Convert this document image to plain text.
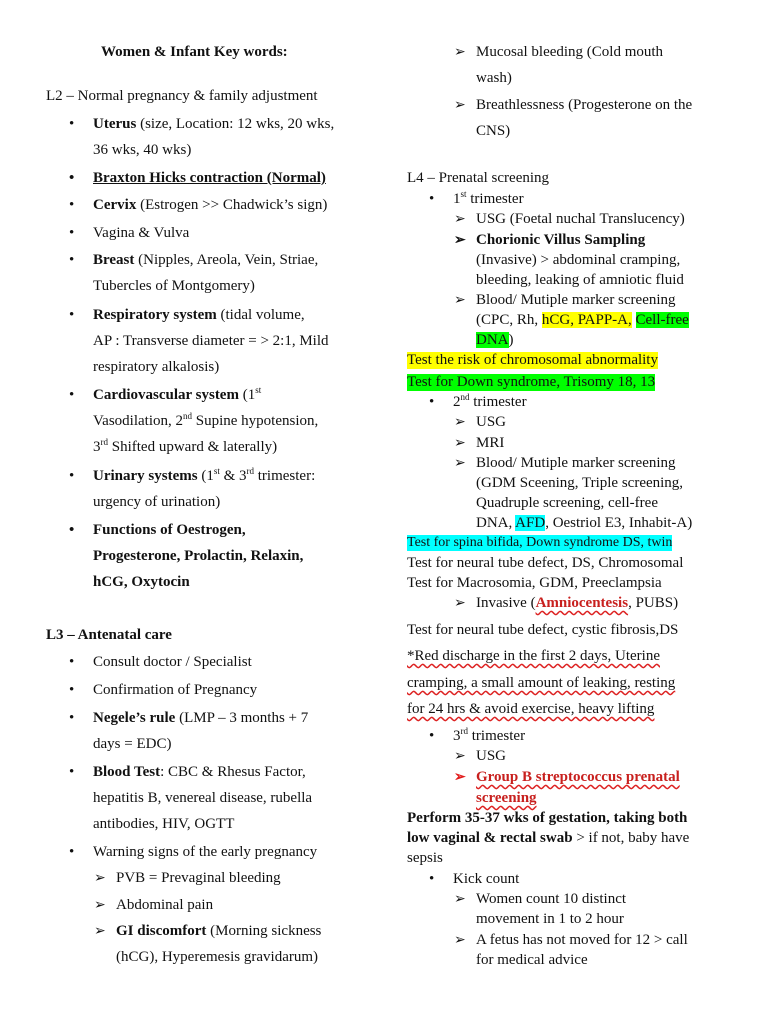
Women & Infant Key words:
L2 – Normal pregnancy & family adjustment
• Uterus (size, Location: 12 wks, 20 wks,
36 wks, 40 wks)
• Braxton Hicks contraction (Normal)
• Cervix (Estrogen >> Chadwick’s sign)
• Vagina & Vulva
• Breast (Nipples, Areola, Vein, Striae,
Tubercles of Montgomery)
• Respiratory system (tidal volume,
AP : Transverse diameter = > 2:1, Mild
respiratory alkalosis)
• Cardiovascular system (1st
Vasodilation, 2nd Supine hypotension,
3rd Shifted upward & laterally)
• Urinary systems (1st & 3rd trimester:
urgency of urination)
• Functions of Oestrogen,
Progesterone, Prolactin, Relaxin,
hCG, Oxytocin
L3 – Antenatal care
• Consult doctor / Specialist
• Confirmation of Pregnancy
• Negele’s rule (LMP – 3 months + 7
days = EDC)
• Blood Test: CBC & Rhesus Factor,
hepatitis B, venereal disease, rubella
antibodies, HIV, OGTT
• Warning signs of the early pregnancy
➢ PVB = Prevaginal bleeding
➢ Abdominal pain
➢ GI discomfort (Morning sickness
(hCG), Hyperemesis gravidarum)
➢ Mucosal bleeding (Cold mouth
wash)
➢ Breathlessness (Progesterone on the
CNS)
L4 – Prenatal screening
• 1st trimester
➢ USG (Foetal nuchal Translucency)
➢ Chorionic Villus Sampling
(Invasive) > abdominal cramping,
bleeding, leaking of amniotic fluid
➢ Blood/ Mutiple marker screening
(CPC, Rh, hCG, PAPP-A, Cell-free
DNA)
Test the risk of chromosomal abnormality
Test for Down syndrome, Trisomy 18, 13
• 2nd trimester
➢ USG
➢ MRI
➢ Blood/ Mutiple marker screening
(GDM Sceening, Triple screening,
Quadruple screening, cell-free
DNA, AFD, Oestriol E3, Inhabit-A)
Test for spina bifida, Down syndrome DS, twin
Test for neural tube defect, DS, Chromosomal
Test for Macrosomia, GDM, Preeclampsia
➢ Invasive (Amniocentesis, PUBS)
Test for neural tube defect, cystic fibrosis,DS
*Red discharge in the first 2 days, Uterine
cramping, a small amount of leaking, resting
for 24 hrs & avoid exercise, heavy lifting
• 3rd trimester
➢ USG
➢ Group B streptococcus prenatal
screening
Perform 35-37 wks of gestation, taking both
low vaginal & rectal swab > if not, baby have
sepsis
• Kick count
➢ Women count 10 distinct
movement in 1 to 2 hour
➢ A fetus has not moved for 12 > call
for medical advice
